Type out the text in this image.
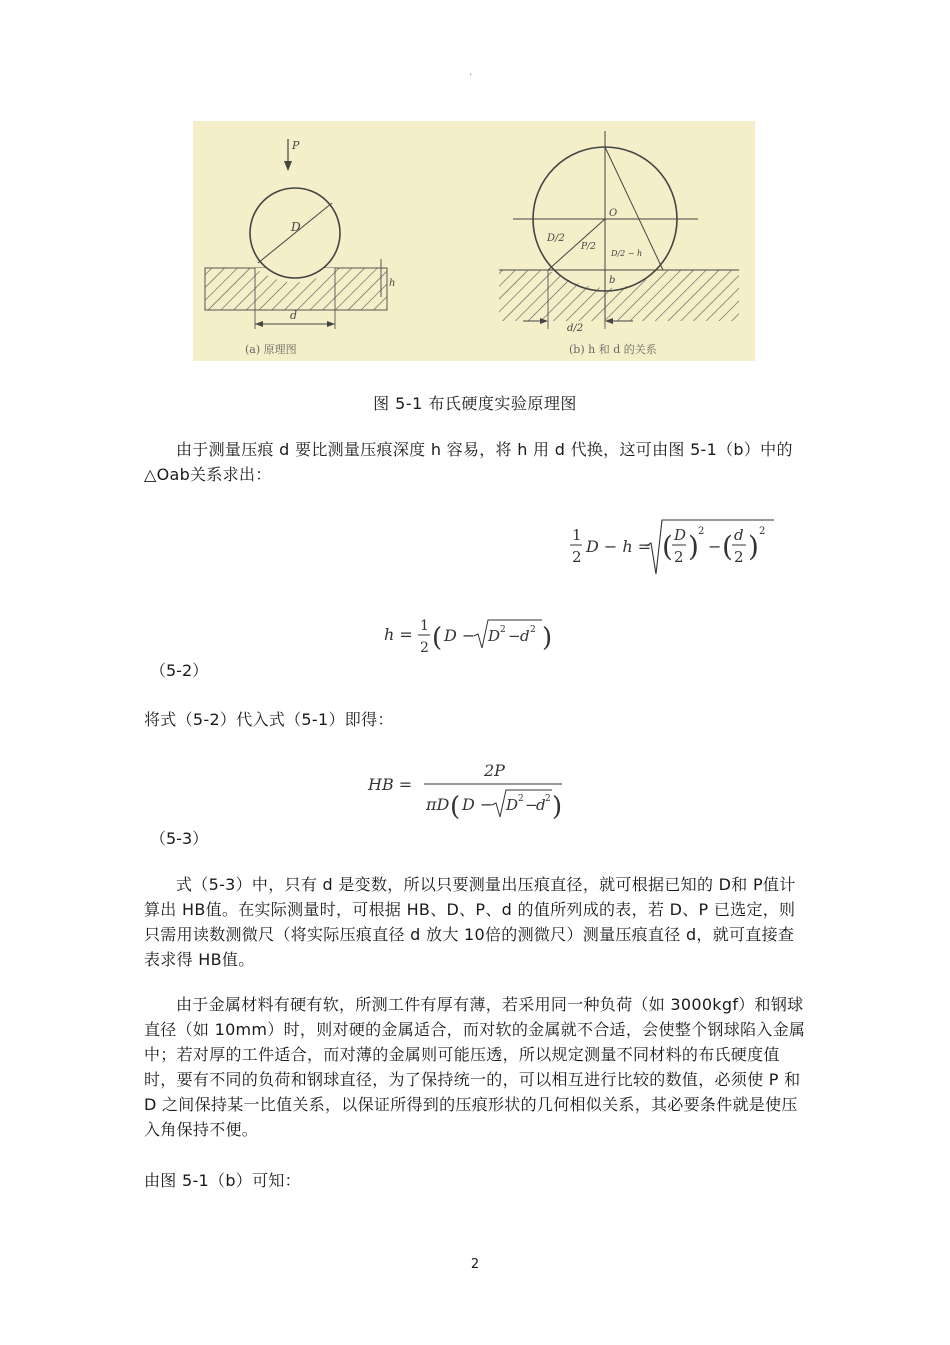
·
D
P
d
h
(a) 原理图
O
D/2
P/2
D/2 − h
b
d/2
(b) h 和 d 的关系
图 5-1 布氏硬度实验原理图
由于测量压痕 d 要比测量压痕深度 h 容易，将 h 用 d 代换，这可由图 5-1（b）中的△Oab关系求出：
1
2
D − h = ( D
2 ) 2
− ( d
2 ) 2
h = 1
2 ( D − D 2 − d 2 )
（5-2）
将式（5-2）代入式（5-1）即得：
HB =
2P
πD ( D − D 2 −
d 2 )
（5-3）
式（5-3）中，只有 d 是变数，所以只要测量出压痕直径，就可根据已知的 D和 P值计算出 HB值。在实际测量时，可根据 HB、D、P、d 的值所列成的表，若 D、P 已选定，则只需用读数测微尺（将实际压痕直径 d 放大 10倍的测微尺）测量压痕直径 d，就可直接查表求得 HB值。
由于金属材料有硬有软，所测工件有厚有薄，若采用同一种负荷（如 3000kgf）和钢球直径（如 10mm）时，则对硬的金属适合，而对软的金属就不合适，会使整个钢球陷入金属中；若对厚的工件适合，而对薄的金属则可能压透，所以规定测量不同材料的布氏硬度值时，要有不同的负荷和钢球直径，为了保持统一的，可以相互进行比较的数值，必须使 P 和 D 之间保持某一比值关系，以保证所得到的压痕形状的几何相似关系，其必要条件就是使压入角保持不便。
由图 5-1（b）可知：
2
